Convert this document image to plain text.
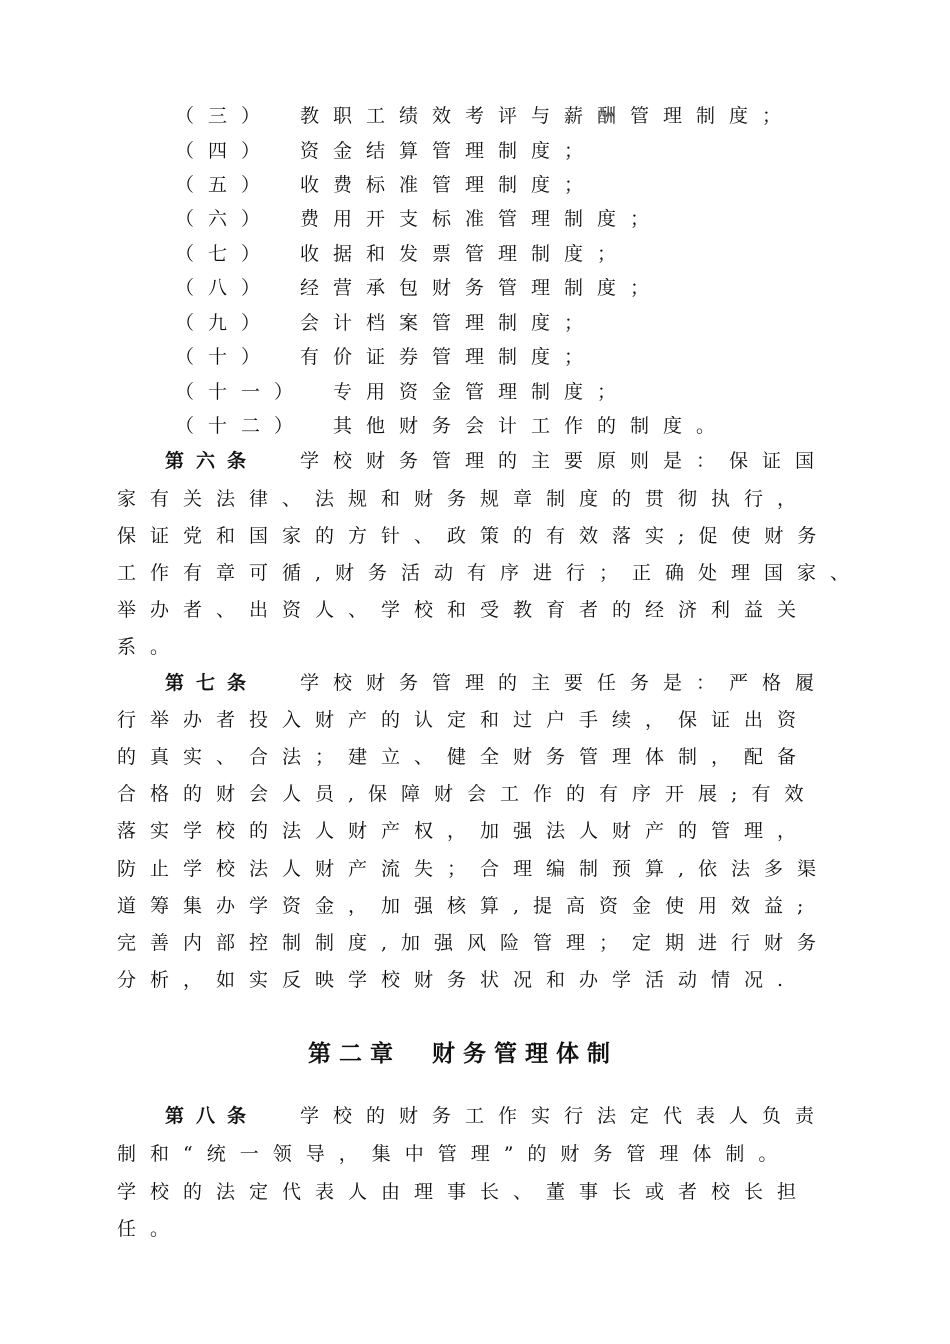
（三） 教职工绩效考评与薪酬管理制度；
（四） 资金结算管理制度；
（五） 收费标准管理制度；
（六） 费用开支标准管理制度；
（七） 收据和发票管理制度；
（八） 经营承包财务管理制度；
（九） 会计档案管理制度；
（十） 有价证券管理制度；
（十一） 专用资金管理制度；
（十二） 其他财务会计工作的制度。
第六条 学校财务管理的主要原则是：保证国
家有关法律、法规和财务规章制度的贯彻执行，
保证党和国家的方针、政策的有效落实;促使财务
工作有章可循,财务活动有序进行；正确处理国家、
举办者、出资人、学校和受教育者的经济利益关
系。
第七条 学校财务管理的主要任务是：严格履
行举办者投入财产的认定和过户手续，保证出资
的真实、合法；建立、健全财务管理体制，配备
合格的财会人员,保障财会工作的有序开展;有效
落实学校的法人财产权，加强法人财产的管理，
防止学校法人财产流失；合理编制预算,依法多渠
道筹集办学资金，加强核算,提高资金使用效益;
完善内部控制制度,加强风险管理；定期进行财务
分析，如实反映学校财务状况和办学活动情况.
第二章　财务管理体制
第八条 学校的财务工作实行法定代表人负责
制和“统一领导，集中管理”的财务管理体制。
学校的法定代表人由理事长、董事长或者校长担
任。
